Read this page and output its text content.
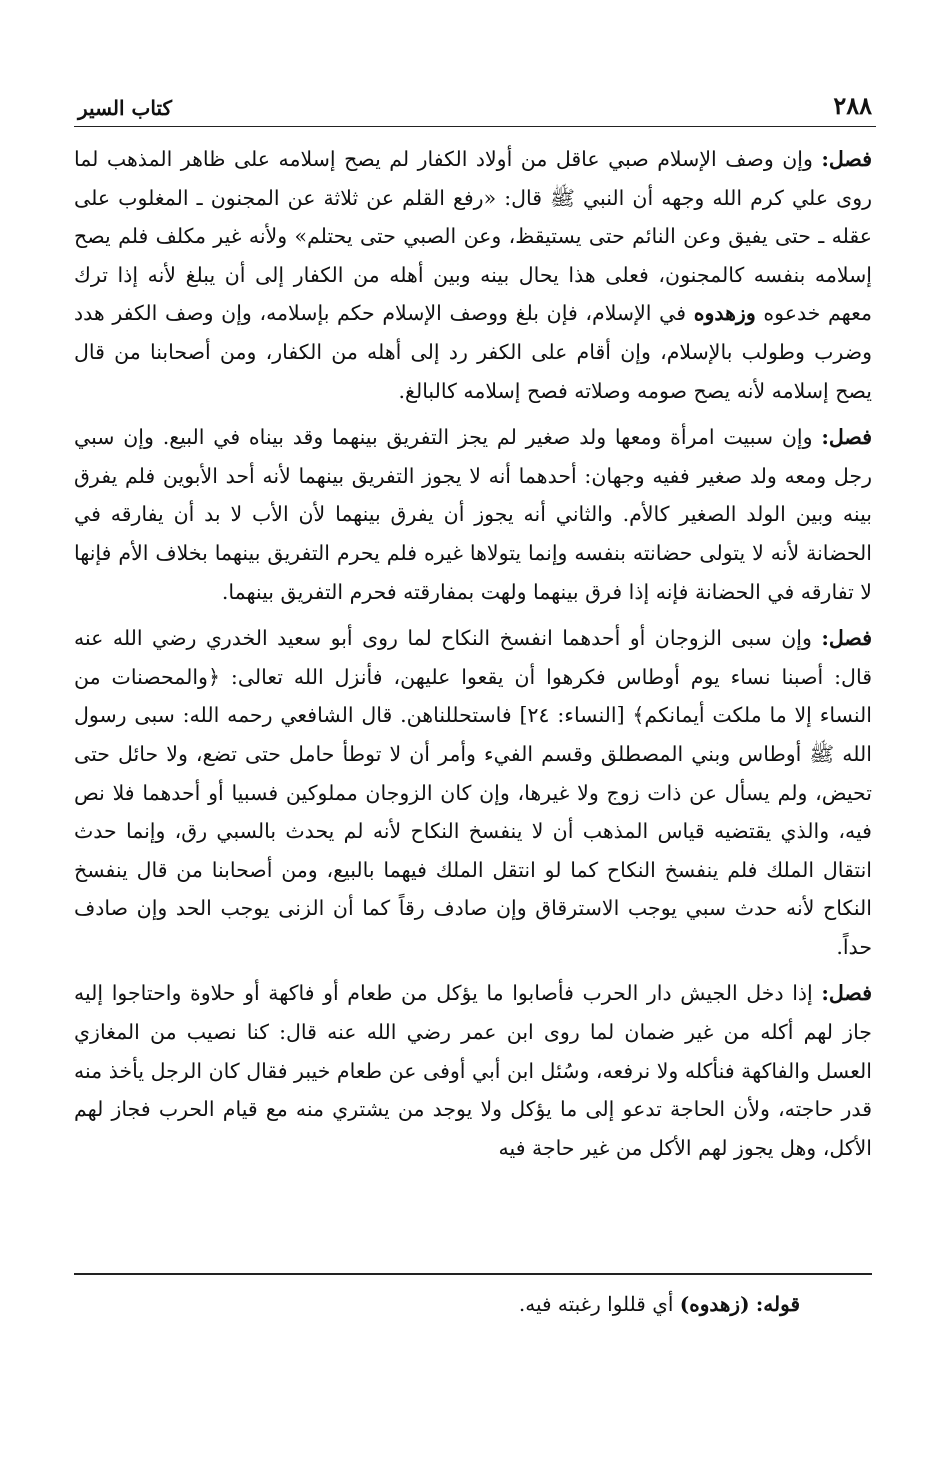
٢٨٨
كتاب السير

فصل: وإن وصف الإسلام صبي عاقل من أولاد الكفار لم يصح إسلامه على ظاهر المذهب لما روى علي كرم الله وجهه أن النبي ﷺ قال: «رفع القلم عن ثلاثة عن المجنون ـ المغلوب على عقله ـ حتى يفيق وعن النائم حتى يستيقظ، وعن الصبي حتى يحتلم» ولأنه غير مكلف فلم يصح إسلامه بنفسه كالمجنون، فعلى هذا يحال بينه وبين أهله من الكفار إلى أن يبلغ لأنه إذا ترك معهم خدعوه وزهدوه في الإسلام، فإن بلغ ووصف الإسلام حكم بإسلامه، وإن وصف الكفر هدد وضرب وطولب بالإسلام، وإن أقام على الكفر رد إلى أهله من الكفار، ومن أصحابنا من قال يصح إسلامه لأنه يصح صومه وصلاته فصح إسلامه كالبالغ.

فصل: وإن سبيت امرأة ومعها ولد صغير لم يجز التفريق بينهما وقد بيناه في البيع. وإن سبي رجل ومعه ولد صغير ففيه وجهان: أحدهما أنه لا يجوز التفريق بينهما لأنه أحد الأبوين فلم يفرق بينه وبين الولد الصغير كالأم. والثاني أنه يجوز أن يفرق بينهما لأن الأب لا بد أن يفارقه في الحضانة لأنه لا يتولى حضانته بنفسه وإنما يتولاها غيره فلم يحرم التفريق بينهما بخلاف الأم فإنها لا تفارقه في الحضانة فإنه إذا فرق بينهما ولهت بمفارقته فحرم التفريق بينهما.

فصل: وإن سبى الزوجان أو أحدهما انفسخ النكاح لما روى أبو سعيد الخدري رضي الله عنه قال: أصبنا نساء يوم أوطاس فكرهوا أن يقعوا عليهن، فأنزل الله تعالى: ﴿والمحصنات من النساء إلا ما ملكت أيمانكم﴾ [النساء: ٢٤] فاستحللناهن. قال الشافعي رحمه الله: سبى رسول الله ﷺ أوطاس وبني المصطلق وقسم الفيء وأمر أن لا توطأ حامل حتى تضع، ولا حائل حتى تحيض، ولم يسأل عن ذات زوج ولا غيرها، وإن كان الزوجان مملوكين فسبيا أو أحدهما فلا نص فيه، والذي يقتضيه قياس المذهب أن لا ينفسخ النكاح لأنه لم يحدث بالسبي رق، وإنما حدث انتقال الملك فلم ينفسخ النكاح كما لو انتقل الملك فيهما بالبيع، ومن أصحابنا من قال ينفسخ النكاح لأنه حدث سبي يوجب الاسترقاق وإن صادف رقاً كما أن الزنى يوجب الحد وإن صادف حداً.

فصل: إذا دخل الجيش دار الحرب فأصابوا ما يؤكل من طعام أو فاكهة أو حلاوة واحتاجوا إليه جاز لهم أكله من غير ضمان لما روى ابن عمر رضي الله عنه قال: كنا نصيب من المغازي العسل والفاكهة فنأكله ولا نرفعه، وسُئل ابن أبي أوفى عن طعام خيبر فقال كان الرجل يأخذ منه قدر حاجته، ولأن الحاجة تدعو إلى ما يؤكل ولا يوجد من يشتري منه مع قيام الحرب فجاز لهم الأكل، وهل يجوز لهم الأكل من غير حاجة فيه

قوله: (زهدوه) أي قللوا رغبته فيه.
